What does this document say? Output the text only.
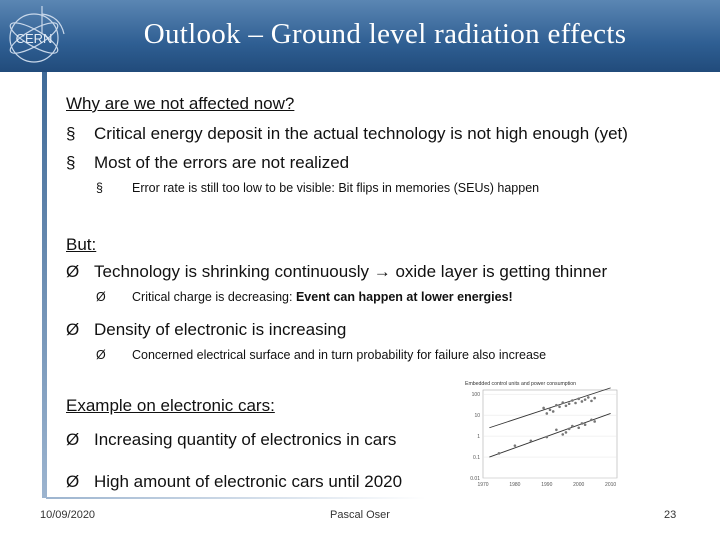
CERN	Outlook – Ground level radiation effects
Why are we not affected now?
§ Critical energy deposit in the actual technology is not high enough (yet)
§ Most of the errors are not realized
§ Error rate is still too low to be visible: Bit flips in memories (SEUs) happen
But:
Ø Technology is shrinking continuously → oxide layer is getting thinner
Ø Critical charge is decreasing: Event can happen at lower energies!
Ø Density of electronic is increasing
Ø Concerned electrical surface and in turn probability for failure also increase
Example on electronic cars:
Ø Increasing quantity of electronics in cars
Ø High amount of electronic cars until 2020
Embedded control units and power consumption
100
10
1
0.1
0.01
1970	1980	1990	2000	2010
10/09/2020	Pascal Oser	23
